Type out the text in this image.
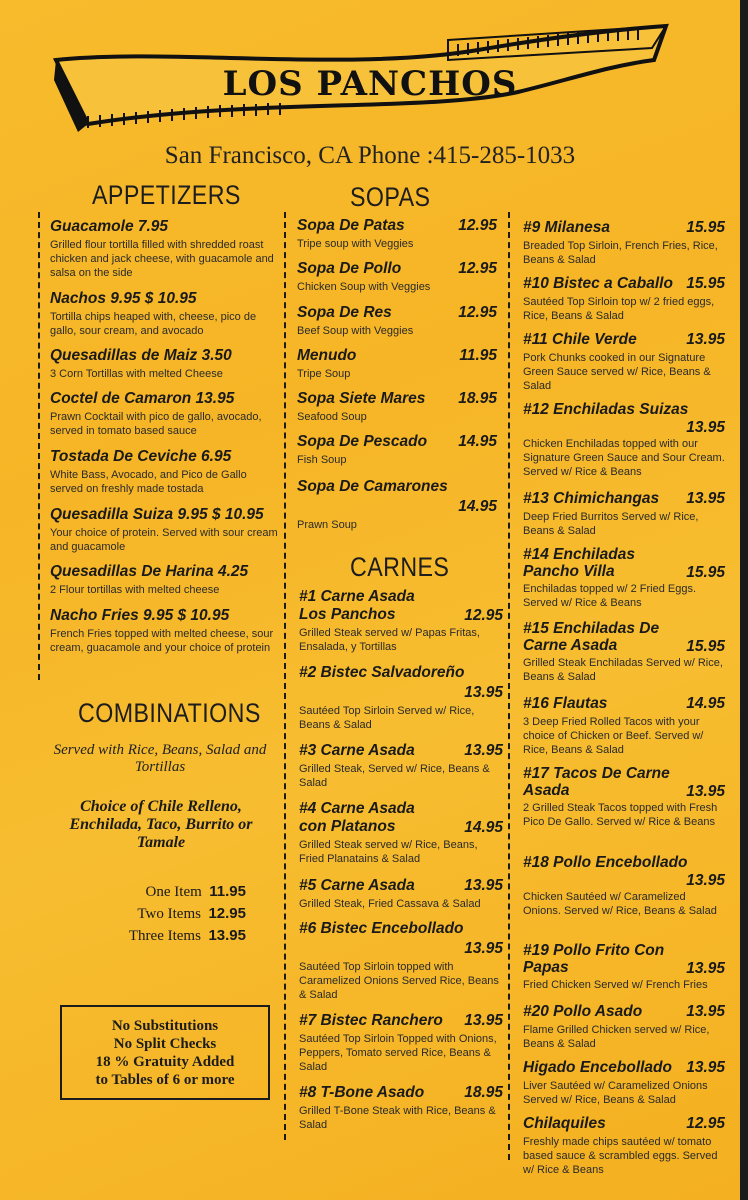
LOS PANCHOS
San Francisco, CA Phone :415-285-1033
APPETIZERS	SOPAS
CARNES
COMBINATIONS
Guacamole 7.95
Grilled flour tortilla filled with shredded roast chicken and jack cheese, with guacamole and salsa on the side
Nachos 9.95 $ 10.95
Tortilla chips heaped with, cheese, pico de gallo, sour cream, and avocado
Quesadillas de Maiz 3.50
3 Corn Tortillas with melted Cheese
Coctel de Camaron 13.95
Prawn Cocktail with pico de gallo, avocado, served in tomato based sauce
Tostada De Ceviche 6.95
White Bass, Avocado, and Pico de Gallo served on freshly made tostada
Quesadilla Suiza 9.95 $ 10.95
Your choice of protein. Served with sour cream and guacamole
Quesadillas De Harina 4.25
2 Flour tortillas with melted cheese
Nacho Fries 9.95 $ 10.95
French Fries topped with melted cheese, sour cream, guacamole and your choice of protein
Served with Rice, Beans, Salad and Tortillas
Choice of Chile Relleno, Enchilada, Taco, Burrito or Tamale
One Item 11.95
Two Items 12.95
Three Items 13.95
No Substitutions
No Split Checks
18 % Gratuity Added
to Tables of 6 or more
Sopa De Patas	12.95
Tripe soup with Veggies
Sopa De Pollo	12.95
Chicken Soup with Veggies
Sopa De Res	12.95
Beef Soup with Veggies
Menudo	11.95
Tripe Soup
Sopa Siete Mares	18.95
Seafood Soup
Sopa De Pescado	14.95
Fish Soup
Sopa De Camarones
14.95
Prawn Soup
#1 Carne Asada Los Panchos	12.95
Grilled Steak served w/ Papas Fritas, Ensalada, y Tortillas
#2 Bistec Salvadoreño
13.95
Sautéed Top Sirloin Served w/ Rice, Beans & Salad
#3 Carne Asada	13.95
Grilled Steak, Served w/ Rice, Beans & Salad
#4 Carne Asada con Platanos	14.95
Grilled Steak served w/ Rice, Beans, Fried Planatains & Salad
#5 Carne Asada	13.95
Grilled Steak, Fried Cassava & Salad
#6 Bistec Encebollado
13.95
Sautéed Top Sirloin topped with Caramelized Onions Served Rice, Beans & Salad
#7 Bistec Ranchero	13.95
Sautéed Top Sirloin Topped with Onions, Peppers, Tomato served Rice, Beans & Salad
#8 T-Bone Asado	18.95
Grilled T-Bone Steak with Rice, Beans & Salad
#9 Milanesa	15.95
Breaded Top Sirloin, French Fries, Rice, Beans & Salad
#10 Bistec a Caballo 15.95
Sautéed Top Sirloin top w/ 2 fried eggs, Rice, Beans & Salad
#11 Chile Verde	13.95
Pork Chunks cooked in our Signature Green Sauce served w/ Rice, Beans & Salad
#12 Enchiladas Suizas
13.95
Chicken Enchiladas topped with our Signature Green Sauce and Sour Cream. Served w/ Rice & Beans
#13 Chimichangas	13.95
Deep Fried Burritos Served w/ Rice, Beans & Salad
#14 Enchiladas Pancho Villa	15.95
Enchiladas topped w/ 2 Fried Eggs. Served w/ Rice & Beans
#15 Enchiladas De Carne Asada	15.95
Grilled Steak Enchiladas Served w/ Rice, Beans & Salad
#16 Flautas	14.95
3 Deep Fried Rolled Tacos with your choice of Chicken or Beef. Served w/ Rice, Beans & Salad
#17 Tacos De Carne Asada	13.95
2 Grilled Steak Tacos topped with Fresh Pico De Gallo. Served w/ Rice & Beans
#18 Pollo Encebollado
13.95
Chicken Sautéed w/ Caramelized Onions. Served w/ Rice, Beans & Salad
#19 Pollo Frito Con Papas	13.95
Fried Chicken Served w/ French Fries
#20 Pollo Asado	13.95
Flame Grilled Chicken served w/ Rice, Beans & Salad
Higado Encebollado 13.95
Liver Sautéed w/ Caramelized Onions Served w/ Rice, Beans & Salad
Chilaquiles	12.95
Freshly made chips sautéed w/ tomato based sauce & scrambled eggs. Served w/ Rice & Beans
